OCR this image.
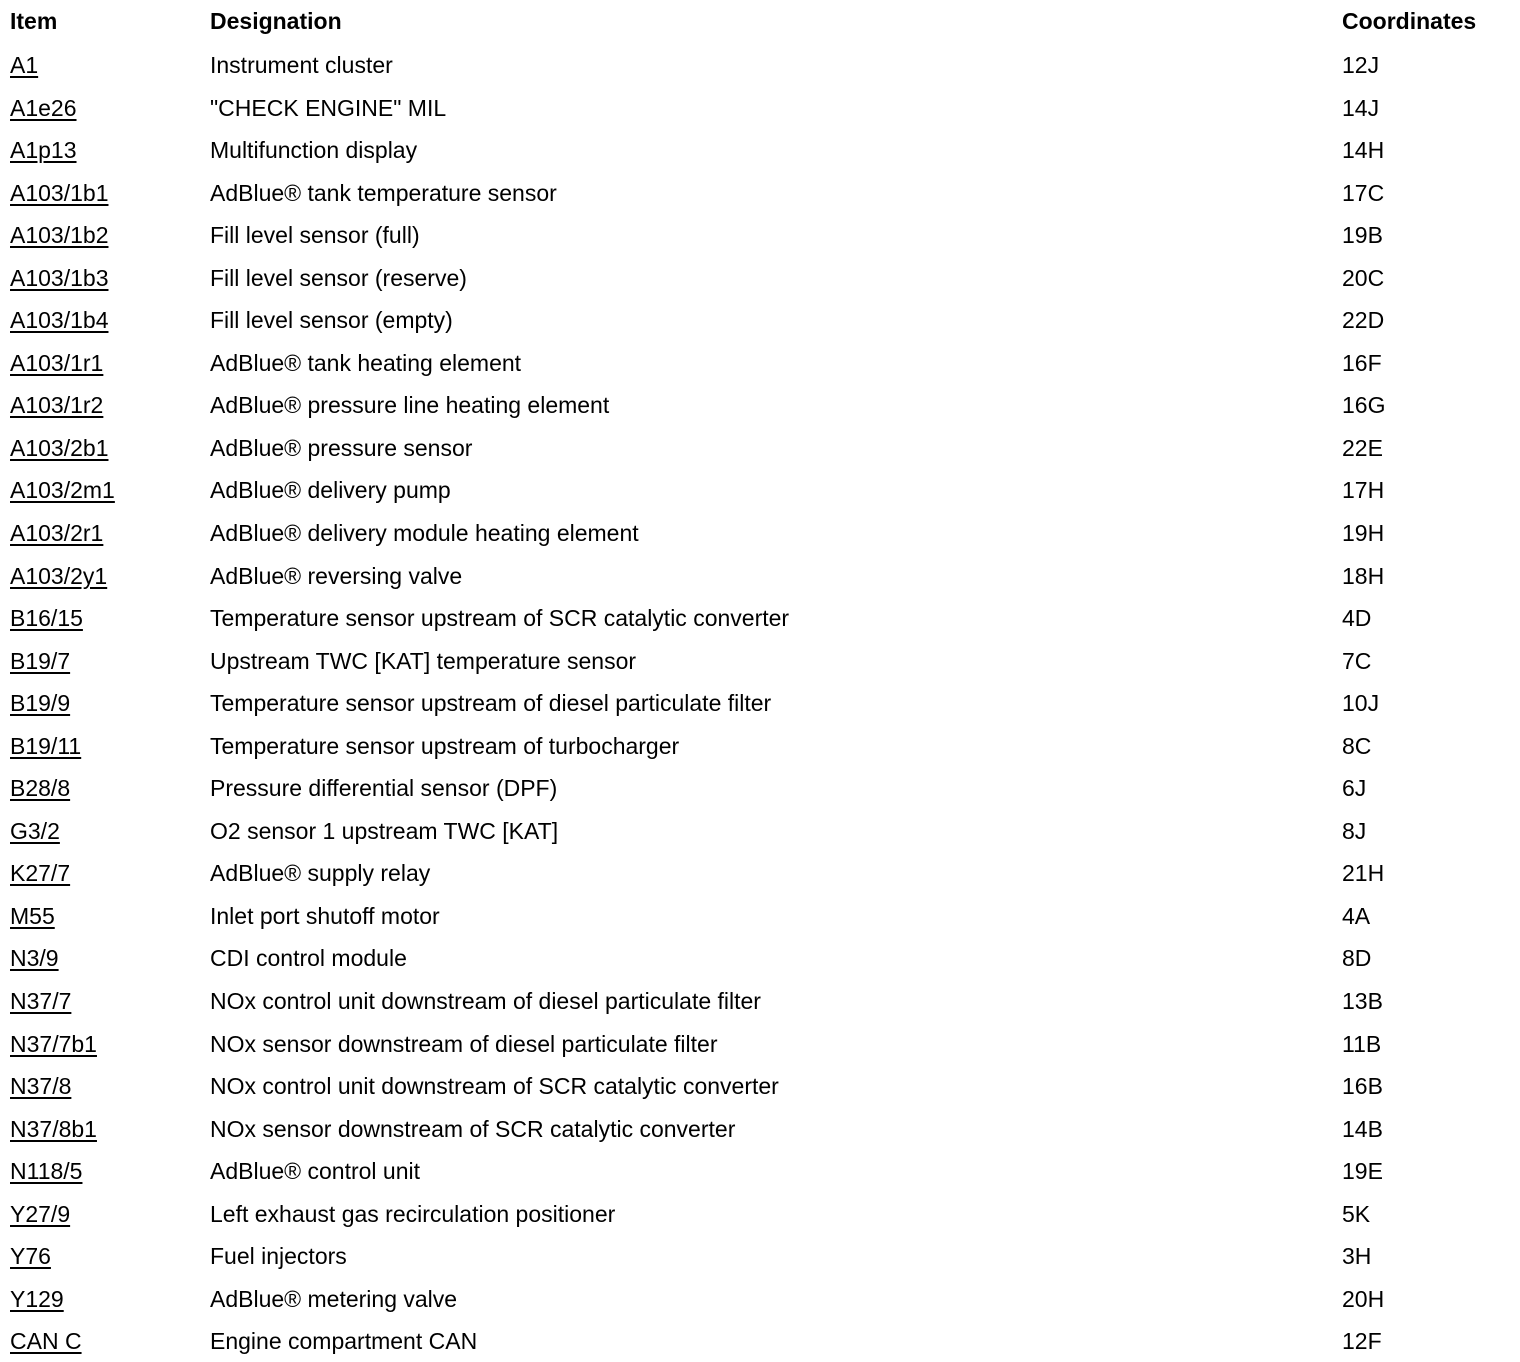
Item	Designation	Coordinates
A1	Instrument cluster	12J
A1e26	"CHECK ENGINE" MIL	14J
A1p13	Multifunction display	14H
A103/1b1	AdBlue® tank temperature sensor	17C
A103/1b2	Fill level sensor (full)	19B
A103/1b3	Fill level sensor (reserve)	20C
A103/1b4	Fill level sensor (empty)	22D
A103/1r1	AdBlue® tank heating element	16F
A103/1r2	AdBlue® pressure line heating element	16G
A103/2b1	AdBlue® pressure sensor	22E
A103/2m1	AdBlue® delivery pump	17H
A103/2r1	AdBlue® delivery module heating element	19H
A103/2y1	AdBlue® reversing valve	18H
B16/15	Temperature sensor upstream of SCR catalytic converter	4D
B19/7	Upstream TWC [KAT] temperature sensor	7C
B19/9	Temperature sensor upstream of diesel particulate filter	10J
B19/11	Temperature sensor upstream of turbocharger	8C
B28/8	Pressure differential sensor (DPF)	6J
G3/2	O2 sensor 1 upstream TWC [KAT]	8J
K27/7	AdBlue® supply relay	21H
M55	Inlet port shutoff motor	4A
N3/9	CDI control module	8D
N37/7	NOx control unit downstream of diesel particulate filter	13B
N37/7b1	NOx sensor downstream of diesel particulate filter	11B
N37/8	NOx control unit downstream of SCR catalytic converter	16B
N37/8b1	NOx sensor downstream of SCR catalytic converter	14B
N118/5	AdBlue® control unit	19E
Y27/9	Left exhaust gas recirculation positioner	5K
Y76	Fuel injectors	3H
Y129	AdBlue® metering valve	20H
CAN C	Engine compartment CAN	12F
